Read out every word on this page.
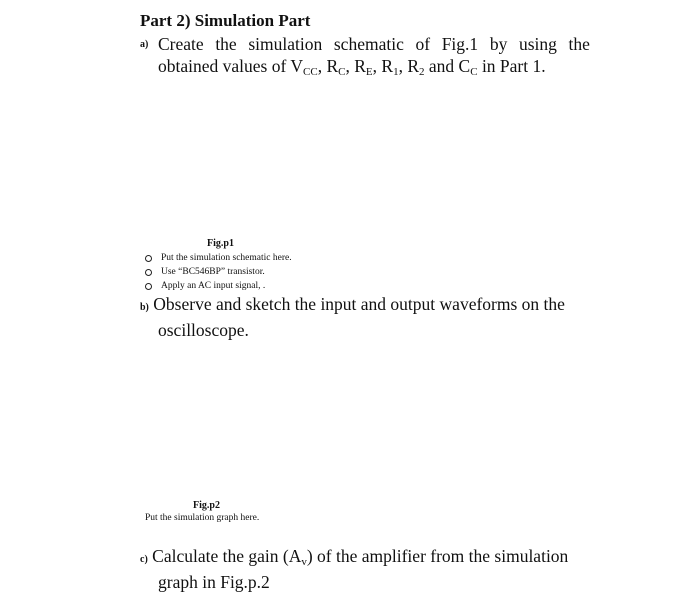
Part 2) Simulation Part
a) Create the simulation schematic of Fig.1 by using the
obtained values of $V_{CC}$, $R_C$, $R_E$, $R_1$, $R_2$ and $C_C$ in Part 1.
Fig.p1
Put the simulation schematic here.
Use “BC546BP” transistor.
Apply an AC input signal, .
b) Observe and sketch the input and output waveforms on the
oscilloscope.
Fig.p2
Put the simulation graph here.
c) Calculate the gain $(A_v)$ of the amplifier from the simulation
graph in Fig.p.2
